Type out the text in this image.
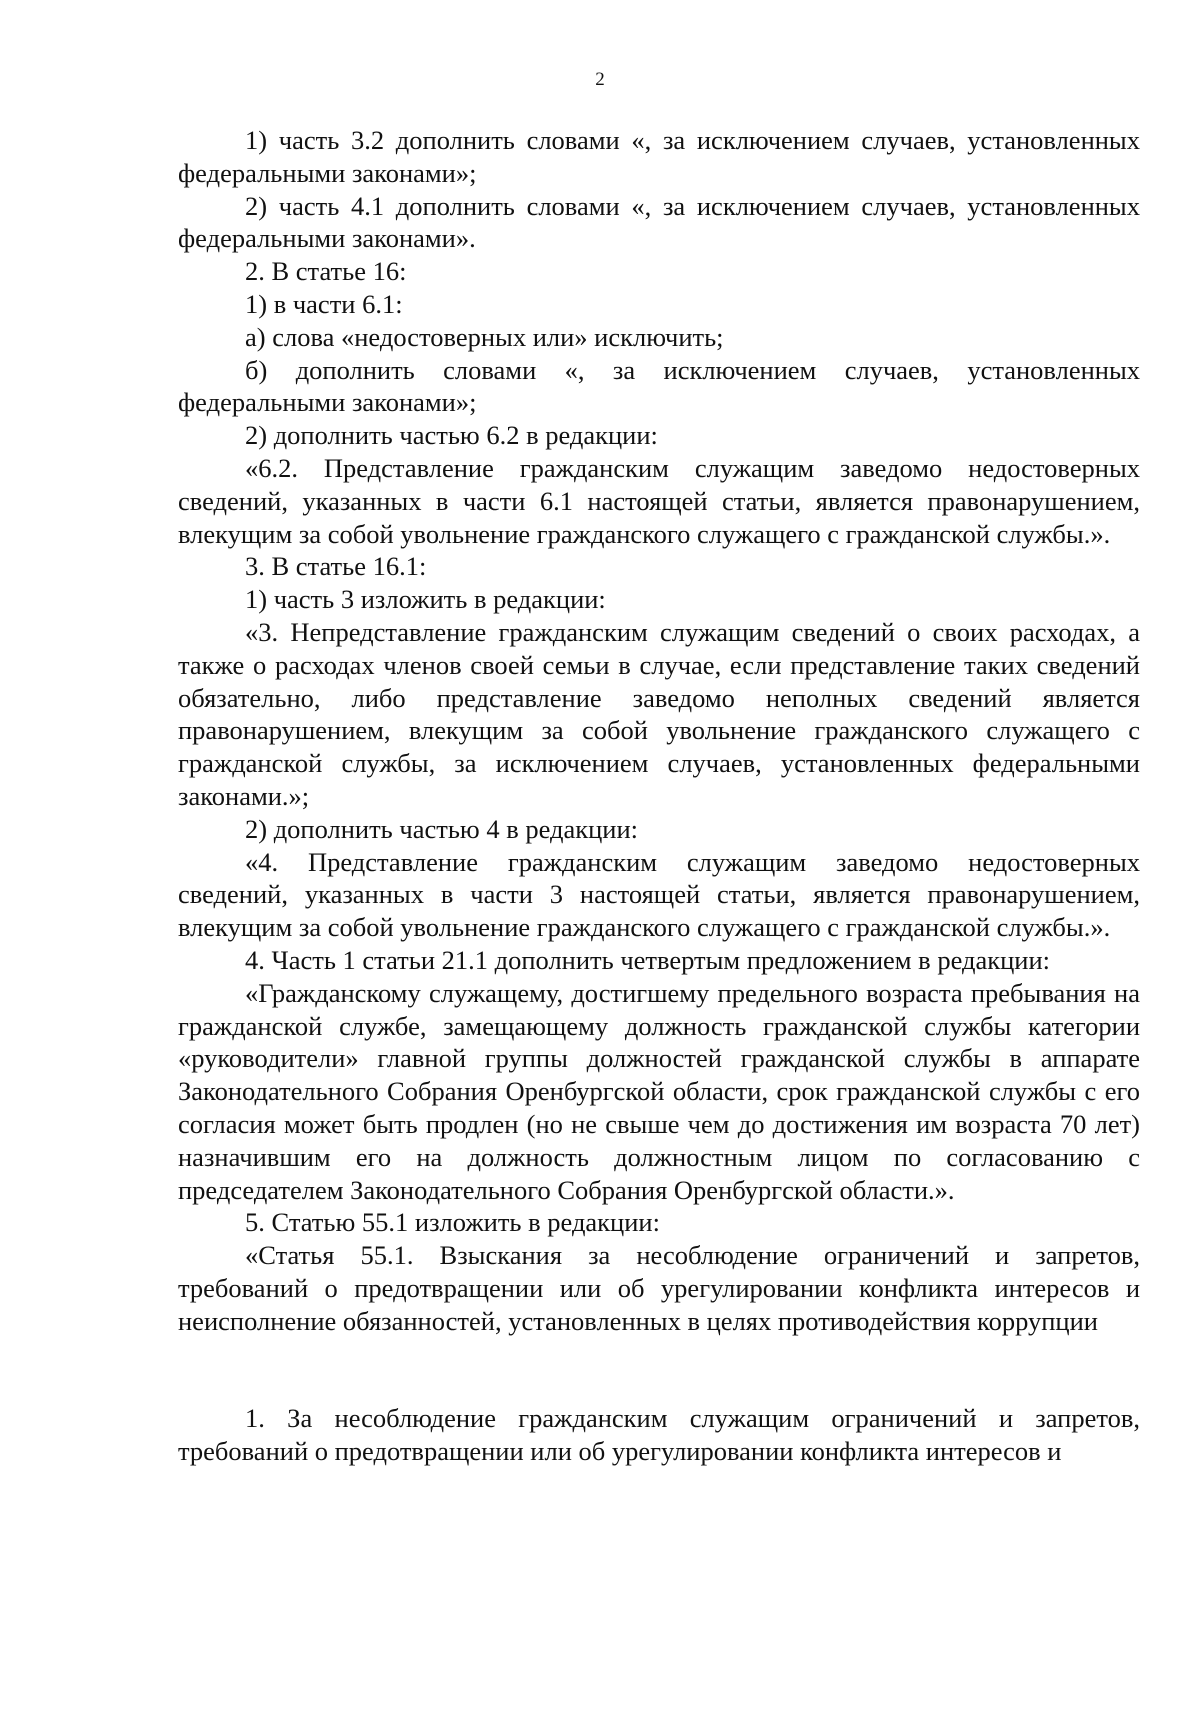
2

1) часть 3.2 дополнить словами «, за исключением случаев, установленных федеральными законами»;

2) часть 4.1 дополнить словами «, за исключением случаев, установленных федеральными законами».

2. В статье 16:

1) в части 6.1:

а) слова «недостоверных или» исключить;

б) дополнить словами «, за исключением случаев, установленных федеральными законами»;

2) дополнить частью 6.2 в редакции:

«6.2. Представление гражданским служащим заведомо недостоверных сведений, указанных в части 6.1 настоящей статьи, является правонарушением, влекущим за собой увольнение гражданского служащего с гражданской службы.».

3. В статье 16.1:

1) часть 3 изложить в редакции:

«3. Непредставление гражданским служащим сведений о своих расходах, а также о расходах членов своей семьи в случае, если представление таких сведений обязательно, либо представление заведомо неполных сведений является правонарушением, влекущим за собой увольнение гражданского служащего с гражданской службы, за исключением случаев, установленных федеральными законами.»;

2) дополнить частью 4 в редакции:

«4. Представление гражданским служащим заведомо недостоверных сведений, указанных в части 3 настоящей статьи, является правонарушением, влекущим за собой увольнение гражданского служащего с гражданской службы.».

4. Часть 1 статьи 21.1 дополнить четвертым предложением в редакции:

«Гражданскому служащему, достигшему предельного возраста пребывания на гражданской службе, замещающему должность гражданской службы категории «руководители» главной группы должностей гражданской службы в аппарате Законодательного Собрания Оренбургской области, срок гражданской службы с его согласия может быть продлен (но не свыше чем до достижения им возраста 70 лет) назначившим его на должность должностным лицом по согласованию с председателем Законодательного Собрания Оренбургской области.».

5. Статью 55.1 изложить в редакции:

«Статья 55.1. Взыскания за несоблюдение ограничений и запретов, требований о предотвращении или об урегулировании конфликта интересов и неисполнение обязанностей, установленных в целях противодействия коррупции

1. За несоблюдение гражданским служащим ограничений и запретов, требований о предотвращении или об урегулировании конфликта интересов и
